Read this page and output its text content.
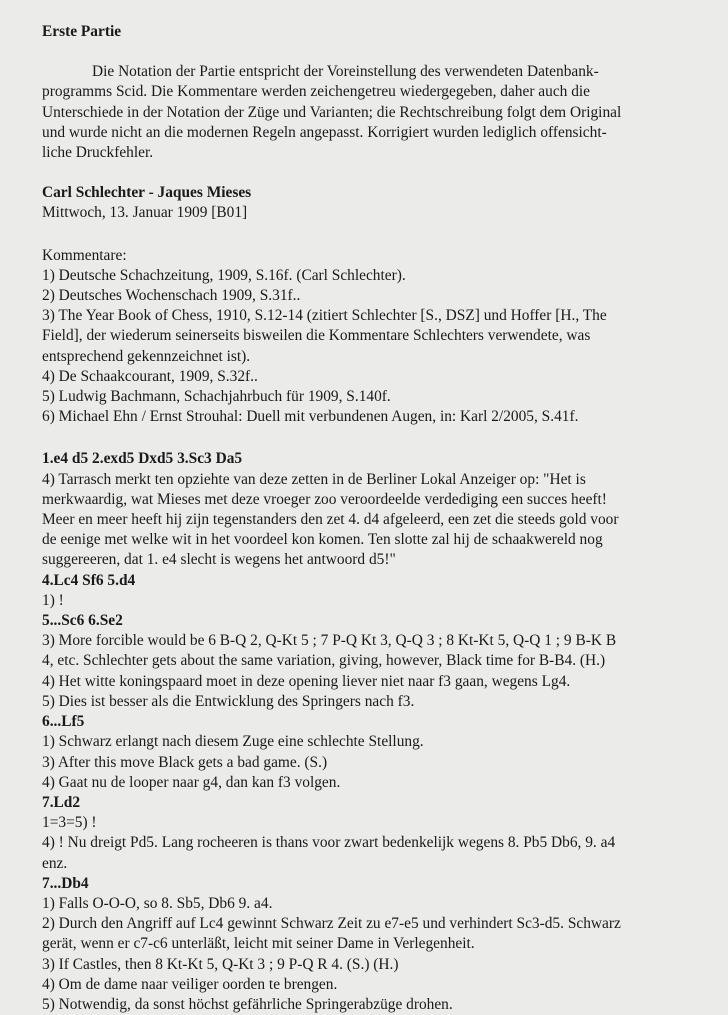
Erste Partie

Die Notation der Partie entspricht der Voreinstellung des verwendeten Datenbank-

programms Scid. Die Kommentare werden zeichengetreu wiedergegeben, daher auch die

Unterschiede in der Notation der Züge und Varianten; die Rechtschreibung folgt dem Original

und wurde nicht an die modernen Regeln angepasst. Korrigiert wurden lediglich offensicht-

liche Druckfehler.

Carl Schlechter - Jaques Mieses
Mittwoch, 13. Januar 1909 [B01]

Kommentare:

1) Deutsche Schachzeitung, 1909, S.16f. (Carl Schlechter).

2) Deutsches Wochenschach 1909, S.31f..

3) The Year Book of Chess, 1910, S.12-14 (zitiert Schlechter [S., DSZ] und Hoffer [H., The

Field], der wiederum seinerseits bisweilen die Kommentare Schlechters verwendete, was

entsprechend gekennzeichnet ist).

4) De Schaakcourant, 1909, S.32f..

5) Ludwig Bachmann, Schachjahrbuch für 1909, S.140f.

6) Michael Ehn / Ernst Strouhal: Duell mit verbundenen Augen, in: Karl 2/2005, S.41f.

1.e4 d5 2.exd5 Dxd5 3.Sc3 Da5

4) Tarrasch merkt ten opziehte van deze zetten in de Berliner Lokal Anzeiger op: "Het is

merkwaardig, wat Mieses met deze vroeger zoo veroordeelde verdediging een succes heeft!

Meer en meer heeft hij zijn tegenstanders den zet 4. d4 afgeleerd, een zet die steeds gold voor

de eenige met welke wit in het voordeel kon komen. Ten slotte zal hij de schaakwereld nog

suggereeren, dat 1. e4 slecht is wegens het antwoord d5!"

4.Lc4 Sf6 5.d4

1) !

5...Sc6 6.Se2

3) More forcible would be 6 B-Q 2, Q-Kt 5 ; 7 P-Q Kt 3, Q-Q 3 ; 8 Kt-Kt 5, Q-Q 1 ; 9 B-K B

4, etc. Schlechter gets about the same variation, giving, however, Black time for B-B4. (H.)

4) Het witte koningspaard moet in deze opening liever niet naar f3 gaan, wegens Lg4.

5) Dies ist besser als die Entwicklung des Springers nach f3.

6...Lf5

1) Schwarz erlangt nach diesem Zuge eine schlechte Stellung.

3) After this move Black gets a bad game. (S.)

4) Gaat nu de looper naar g4, dan kan f3 volgen.

7.Ld2

1=3=5) !

4) ! Nu dreigt Pd5. Lang rocheeren is thans voor zwart bedenkelijk wegens 8. Pb5 Db6, 9. a4

enz.

7...Db4

1) Falls O-O-O, so 8. Sb5, Db6 9. a4.

2) Durch den Angriff auf Lc4 gewinnt Schwarz Zeit zu e7-e5 und verhindert Sc3-d5. Schwarz

gerät, wenn er c7-c6 unterläßt, leicht mit seiner Dame in Verlegenheit.

3) If Castles, then 8 Kt-Kt 5, Q-Kt 3 ; 9 P-Q R 4. (S.) (H.)

4) Om de dame naar veiliger oorden te brengen.

5) Notwendig, da sonst höchst gefährliche Springerabzüge drohen.
